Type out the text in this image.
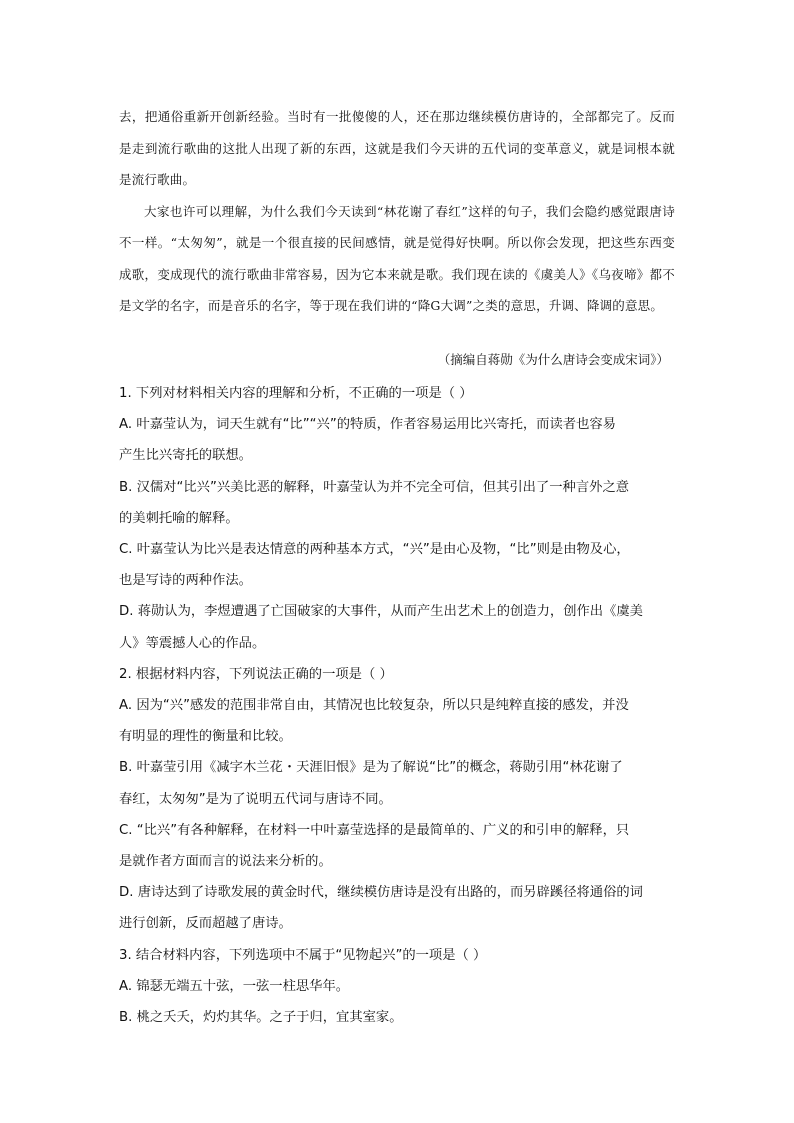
去，把通俗重新开创新经验。当时有一批傻傻的人，还在那边继续模仿唐诗的，全部都完了。反而是走到流行歌曲的这批人出现了新的东西，这就是我们今天讲的五代词的变革意义，就是词根本就是流行歌曲。

大家也许可以理解，为什么我们今天读到“林花谢了春红”这样的句子，我们会隐约感觉跟唐诗不一样。“太匆匆”，就是一个很直接的民间感情，就是觉得好快啊。所以你会发现，把这些东西变成歌，变成现代的流行歌曲非常容易，因为它本来就是歌。我们现在读的《虞美人》《乌夜啼》都不是文学的名字，而是音乐的名字，等于现在我们讲的“降G大调”之类的意思，升调、降调的意思。

（摘编自蒋勋《为什么唐诗会变成宋词》）

1. 下列对材料相关内容的理解和分析，不正确的一项是（ ）

A. 叶嘉莹认为，词天生就有“比”“兴”的特质，作者容易运用比兴寄托，而读者也容易

产生比兴寄托的联想。

B. 汉儒对“比兴”兴美比恶的解释，叶嘉莹认为并不完全可信，但其引出了一种言外之意

的美刺托喻的解释。

C. 叶嘉莹认为比兴是表达情意的两种基本方式，“兴”是由心及物，“比”则是由物及心，

也是写诗的两种作法。

D. 蒋勋认为，李煜遭遇了亡国破家的大事件，从而产生出艺术上的创造力，创作出《虞美

人》等震撼人心的作品。

2. 根据材料内容，下列说法正确的一项是（ ）

A. 因为“兴”感发的范围非常自由，其情况也比较复杂，所以只是纯粹直接的感发，并没

有明显的理性的衡量和比较。

B. 叶嘉莹引用《减字木兰花・天涯旧恨》是为了解说“比”的概念，蒋勋引用“林花谢了

春红，太匆匆”是为了说明五代词与唐诗不同。

C. “比兴”有各种解释，在材料一中叶嘉莹选择的是最简单的、广义的和引申的解释，只

是就作者方面而言的说法来分析的。

D. 唐诗达到了诗歌发展的黄金时代，继续模仿唐诗是没有出路的，而另辟蹊径将通俗的词

进行创新，反而超越了唐诗。

3. 结合材料内容，下列选项中不属于“见物起兴”的一项是（ ）

A. 锦瑟无端五十弦，一弦一柱思华年。

B. 桃之夭夭，灼灼其华。之子于归，宜其室家。
